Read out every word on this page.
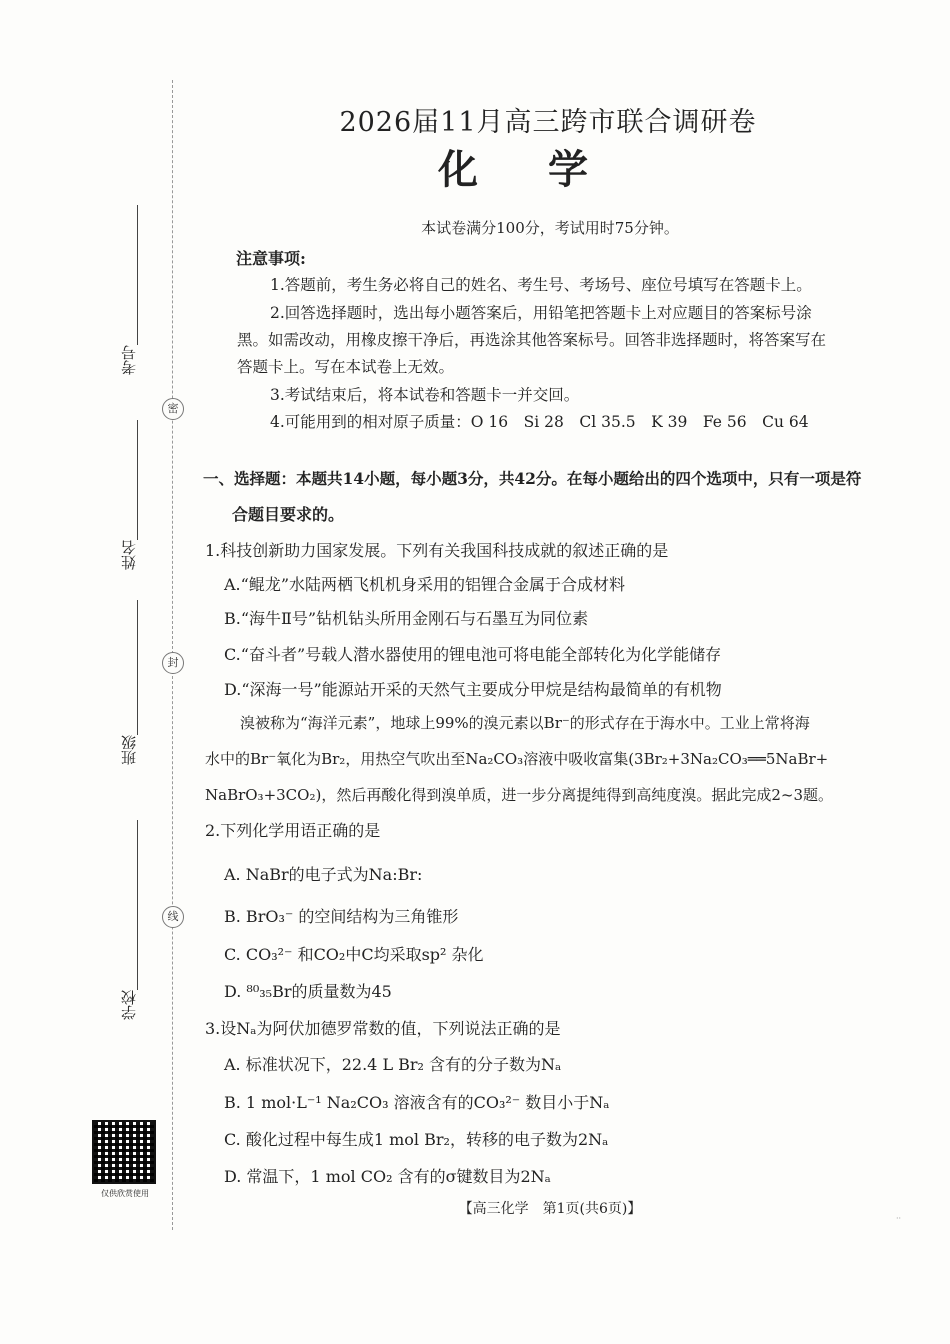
密
封
线
考号
姓名
班级
学校
仅供欣赏使用
2026届11月高三跨市联合调研卷
化学
本试卷满分100分，考试用时75分钟。
注意事项:
1.答题前，考生务必将自己的姓名、考生号、考场号、座位号填写在答题卡上。
2.回答选择题时，选出每小题答案后，用铅笔把答题卡上对应题目的答案标号涂
黑。如需改动，用橡皮擦干净后，再选涂其他答案标号。回答非选择题时，将答案写在
答题卡上。写在本试卷上无效。
3.考试结束后，将本试卷和答题卡一并交回。
4.可能用到的相对原子质量：O 16　Si 28　Cl 35.5　K 39　Fe 56　Cu 64
一、选择题：本题共14小题，每小题3分，共42分。在每小题给出的四个选项中，只有一项是符
合题目要求的。
1.科技创新助力国家发展。下列有关我国科技成就的叙述正确的是
A.“鲲龙”水陆两栖飞机机身采用的铝锂合金属于合成材料
B.“海牛Ⅱ号”钻机钻头所用金刚石与石墨互为同位素
C.“奋斗者”号载人潜水器使用的锂电池可将电能全部转化为化学能储存
D.“深海一号”能源站开采的天然气主要成分甲烷是结构最简单的有机物
溴被称为“海洋元素”，地球上99%的溴元素以Br⁻的形式存在于海水中。工业上常将海
水中的Br⁻氧化为Br₂，用热空气吹出至Na₂CO₃溶液中吸收富集(3Br₂+3Na₂CO₃══5NaBr+
NaBrO₃+3CO₂)，然后再酸化得到溴单质，进一步分离提纯得到高纯度溴。据此完成2~3题。
2.下列化学用语正确的是
A. NaBr的电子式为Na:Br:
B. BrO₃⁻ 的空间结构为三角锥形
C. CO₃²⁻ 和CO₂中C均采取sp² 杂化
D. ⁸⁰₃₅Br的质量数为45
3.设Nₐ为阿伏加德罗常数的值，下列说法正确的是
A. 标准状况下，22.4 L Br₂ 含有的分子数为Nₐ
B. 1 mol·L⁻¹ Na₂CO₃ 溶液含有的CO₃²⁻ 数目小于Nₐ
C. 酸化过程中每生成1 mol Br₂，转移的电子数为2Nₐ
D. 常温下，1 mol CO₂ 含有的σ键数目为2Nₐ
【高三化学　第1页(共6页)】
··
